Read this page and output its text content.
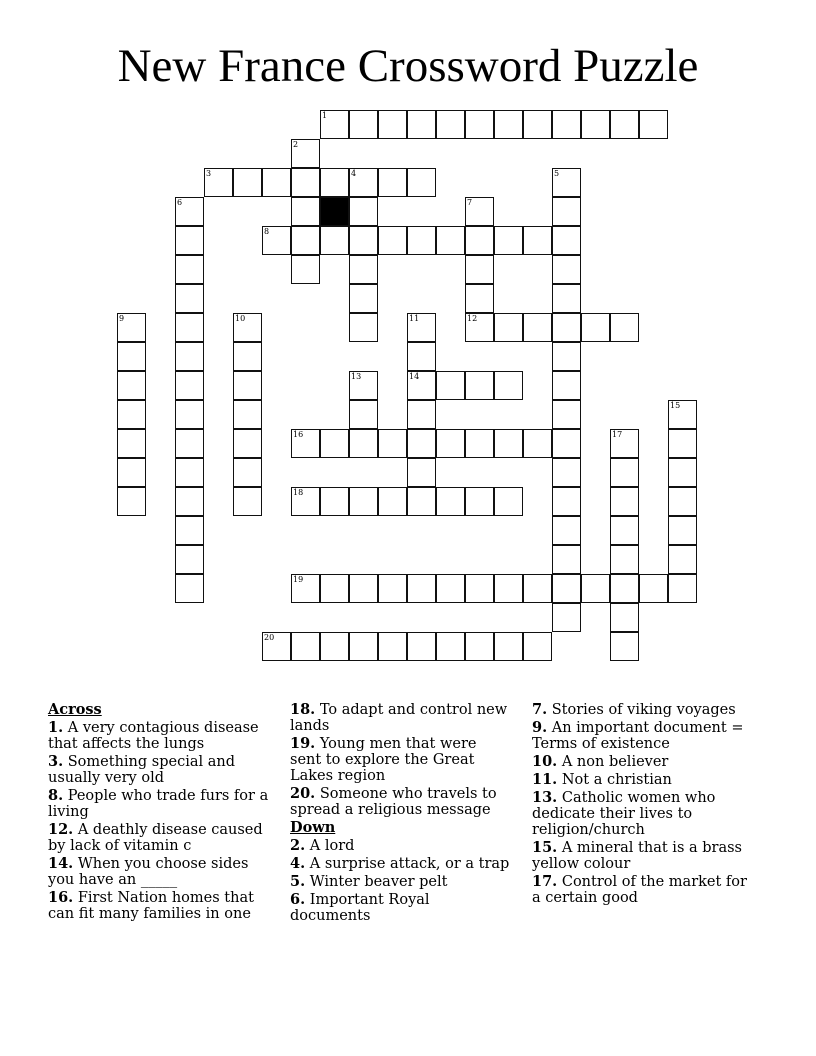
New France Crossword Puzzle
1
3	4
8
12
14
16
18
19
20
2
5
6	7
9	10	11
13
15
17
Across
1. A very contagious disease that affects the lungs
3. Something special and usually very old
8. People who trade furs for a living
12. A deathly disease caused by lack of vitamin c
14. When you choose sides you have an _____
16. First Nation homes that can fit many families in one
18. To adapt and control new lands
19. Young men that were sent to explore the Great Lakes region
20. Someone who travels to spread a religious message
Down
2. A lord
4. A surprise attack, or a trap
5. Winter beaver pelt
6. Important Royal documents
7. Stories of viking voyages
9. An important document = Terms of existence
10. A non believer
11. Not a christian
13. Catholic women who dedicate their lives to religion/church
15. A mineral that is a brass yellow colour
17. Control of the market for a certain good
